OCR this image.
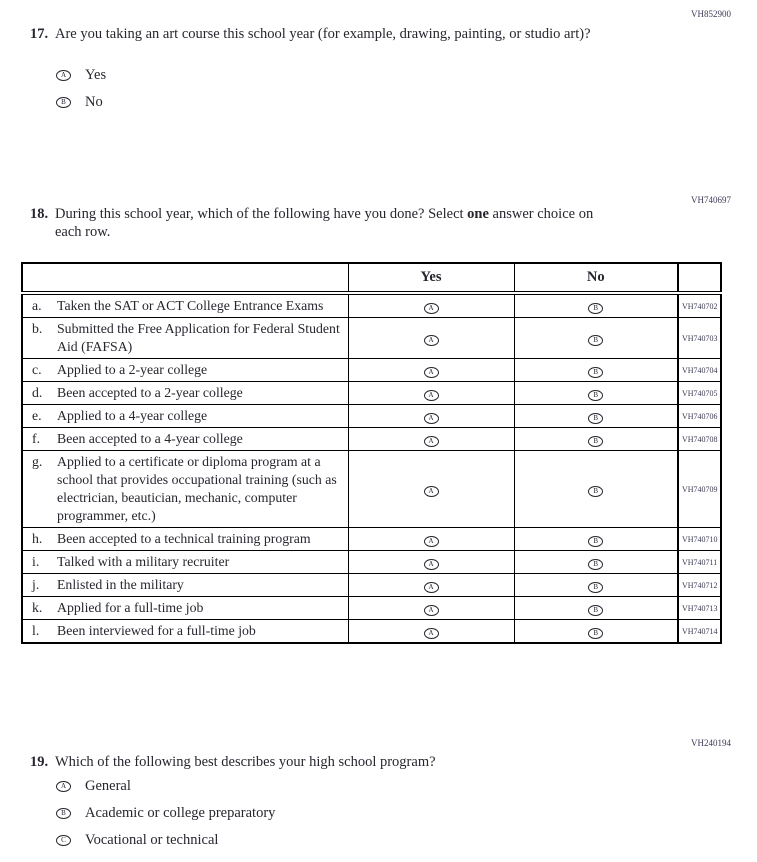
VH852900
17. Are you taking an art course this school year (for example, drawing, painting, or studio art)?
A Yes
B No
VH740697
18. During this school year, which of the following have you done? Select one answer choice on each row.
	Yes	No	

a. Taken the SAT or ACT College Entrance Exams	A	B	VH740702

b. Submitted the Free Application for Federal Student Aid (FAFSA)	A	B	VH740703

c. Applied to a 2-year college	A	B	VH740704

d. Been accepted to a 2-year college	A	B	VH740705

e. Applied to a 4-year college	A	B	VH740706

f. Been accepted to a 4-year college	A	B	VH740708

g. Applied to a certificate or diploma program at a school that provides occupational training (such as electrician, beautician, mechanic, computer programmer, etc.)	A	B	VH740709

h. Been accepted to a technical training program	A	B	VH740710

i. Talked with a military recruiter	A	B	VH740711

j. Enlisted in the military	A	B	VH740712

k. Applied for a full-time job	A	B	VH740713

l. Been interviewed for a full-time job	A	B	VH740714
VH240194
19. Which of the following best describes your high school program?
A General
B Academic or college preparatory
C Vocational or technical
